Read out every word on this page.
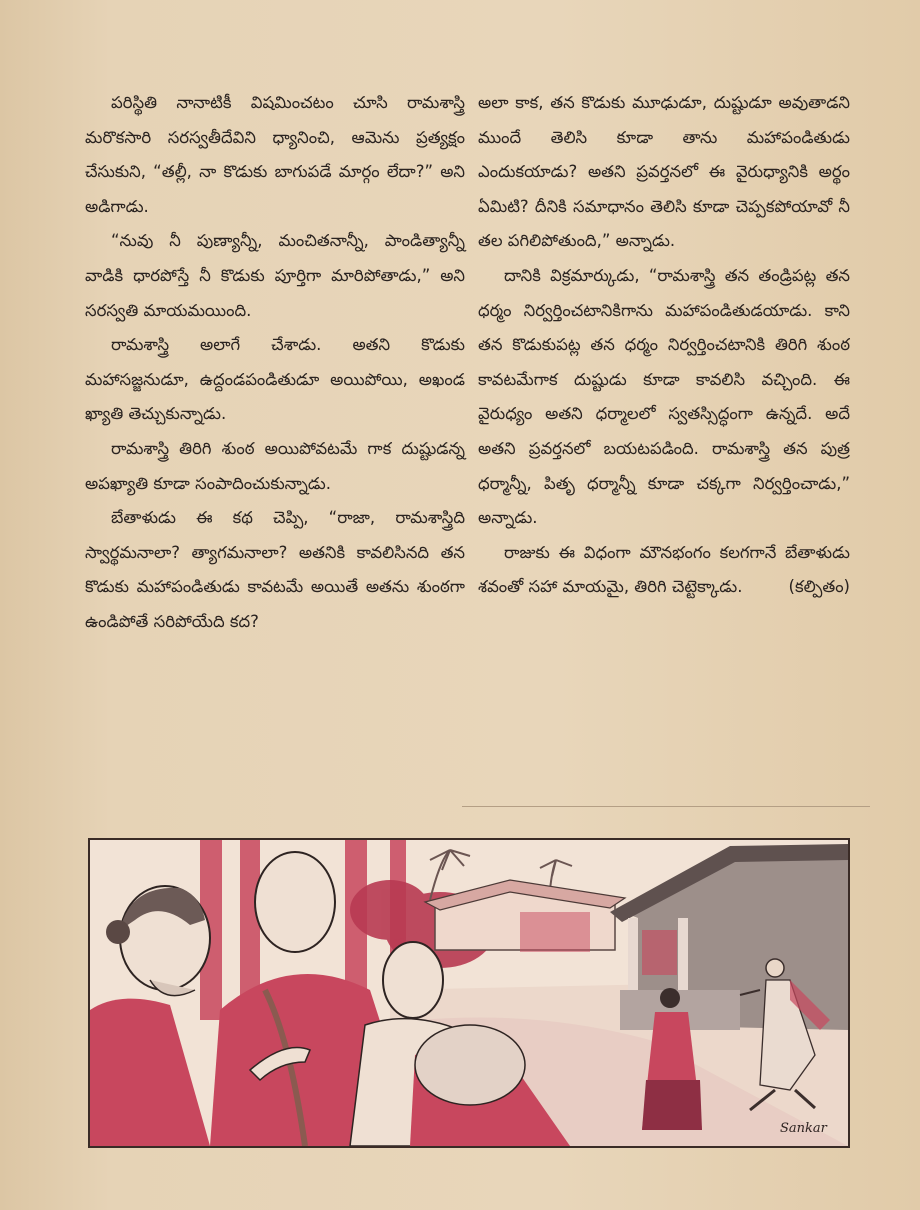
పరిస్థితి నానాటికీ విషమించటం చూసి రామశాస్త్రి మరొకసారి సరస్వతీదేవిని ధ్యానించి, ఆమెను ప్రత్యక్షం చేసుకుని, “తల్లీ, నా కొడుకు బాగుపడే మార్గం లేదా?” అని అడిగాడు.

“నువు నీ పుణ్యాన్నీ, మంచితనాన్నీ, పాండిత్యాన్నీ వాడికి ధారపోస్తే నీ కొడుకు పూర్తిగా మారిపోతాడు,” అని సరస్వతి మాయమయింది.

రామశాస్త్రి అలాగే చేశాడు. అతని కొడుకు మహాసజ్జనుడూ, ఉద్దండపండితుడూ అయిపోయి, అఖండ ఖ్యాతి తెచ్చుకున్నాడు.

రామశాస్త్రి తిరిగి శుంఠ అయిపోవటమే గాక దుష్టుడన్న అపఖ్యాతి కూడా సంపాదించుకున్నాడు.

బేతాళుడు ఈ కథ చెప్పి, “రాజా, రామశాస్త్రిది స్వార్థమనాలా? త్యాగమనాలా? అతనికి కావలిసినది తన కొడుకు మహాపండితుడు కావటమే అయితే అతను శుంఠగా ఉండిపోతే సరిపోయేది కద?

అలా కాక, తన కొడుకు మూఢుడూ, దుష్టుడూ అవుతాడని ముందే తెలిసి కూడా తాను మహాపండితుడు ఎందుకయాడు? అతని ప్రవర్తనలో ఈ వైరుధ్యానికి అర్థం ఏమిటి? దీనికి సమాధానం తెలిసి కూడా చెప్పకపోయావో నీ తల పగిలిపోతుంది,” అన్నాడు.

దానికి విక్రమార్కుడు, “రామశాస్త్రి తన తండ్రిపట్ల తన ధర్మం నిర్వర్తించటానికిగాను మహాపండితుడయాడు. కాని తన కొడుకుపట్ల తన ధర్మం నిర్వర్తించటానికి తిరిగి శుంఠ కావటమేగాక దుష్టుడు కూడా కావలిసి వచ్చింది. ఈ వైరుధ్యం అతని ధర్మాలలో స్వతస్సిద్ధంగా ఉన్నదే. అదే అతని ప్రవర్తనలో బయటపడింది. రామశాస్త్రి తన పుత్ర ధర్మాన్నీ, పితృ ధర్మాన్నీ కూడా చక్కగా నిర్వర్తించాడు,” అన్నాడు.

రాజుకు ఈ విధంగా మౌనభంగం కలగగానే బేతాళుడు శవంతో సహా మాయమై, తిరిగి చెట్టెక్కాడు.	(కల్పితం)

Sankar
